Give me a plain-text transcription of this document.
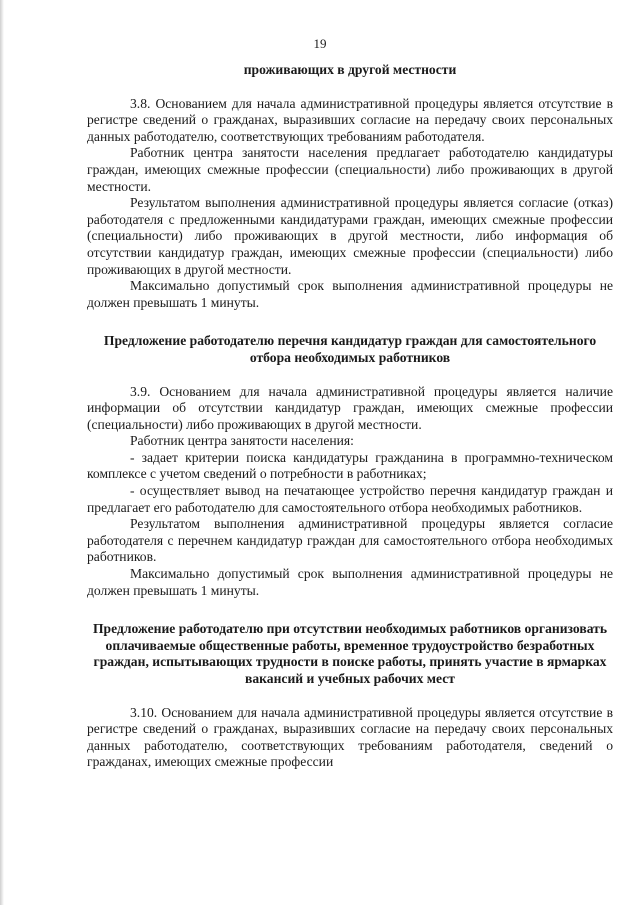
19

проживающих в другой местности

3.8. Основанием для начала административной процедуры является отсутствие в регистре сведений о гражданах, выразивших согласие на передачу своих персональных данных работодателю, соответствующих требованиям работодателя.

Работник центра занятости населения предлагает работодателю кандидатуры граждан, имеющих смежные профессии (специальности) либо проживающих в другой местности.

Результатом выполнения административной процедуры является согласие (отказ) работодателя с предложенными кандидатурами граждан, имеющих смежные профессии (специальности) либо проживающих в другой местности, либо информация об отсутствии кандидатур граждан, имеющих смежные профессии (специальности) либо проживающих в другой местности.

Максимально допустимый срок выполнения административной процедуры не должен превышать 1 минуты.

Предложение работодателю перечня кандидатур граждан для самостоятельного отбора необходимых работников

3.9. Основанием для начала административной процедуры является наличие информации об отсутствии кандидатур граждан, имеющих смежные профессии (специальности) либо проживающих в другой местности.

Работник центра занятости населения:

- задает критерии поиска кандидатуры гражданина в программно-техническом комплексе с учетом сведений о потребности в работниках;

- осуществляет вывод на печатающее устройство перечня кандидатур граждан и предлагает его работодателю для самостоятельного отбора необходимых работников.

Результатом выполнения административной процедуры является согласие работодателя с перечнем кандидатур граждан для самостоятельного отбора необходимых работников.

Максимально допустимый срок выполнения административной процедуры не должен превышать 1 минуты.

Предложение работодателю при отсутствии необходимых работников организовать оплачиваемые общественные работы, временное трудоустройство безработных граждан, испытывающих трудности в поиске работы, принять участие в ярмарках вакансий и учебных рабочих мест

3.10. Основанием для начала административной процедуры является отсутствие в регистре сведений о гражданах, выразивших согласие на передачу своих персональных данных работодателю, соответствующих требованиям работодателя, сведений о гражданах, имеющих смежные профессии
